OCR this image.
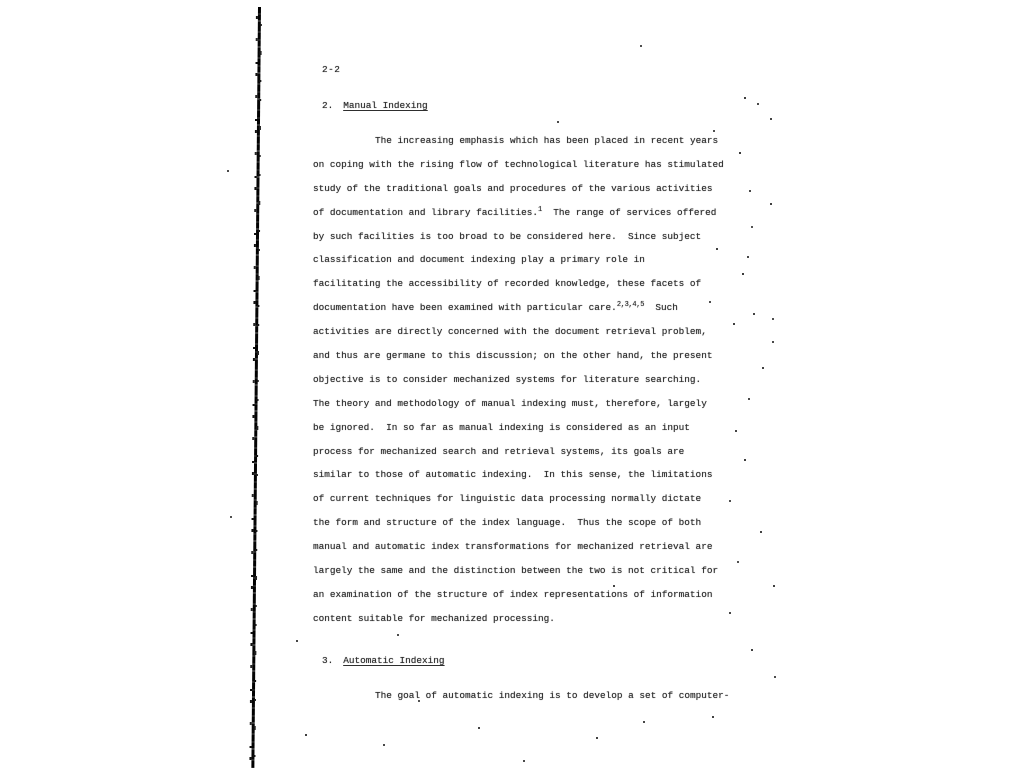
2-2
2. Manual Indexing
The increasing emphasis which has been placed in recent years
on coping with the rising flow of technological literature has stimulated
study of the traditional goals and procedures of the various activities
of documentation and library facilities.$^1$  The range of services offered
by such facilities is too broad to be considered here.  Since subject
classification and document indexing play a primary role in
facilitating the accessibility of recorded knowledge, these facets of
documentation have been examined with particular care.$^{2,3,4,5}$  Such
activities are directly concerned with the document retrieval problem,
and thus are germane to this discussion; on the other hand, the present
objective is to consider mechanized systems for literature searching.
The theory and methodology of manual indexing must, therefore, largely
be ignored.  In so far as manual indexing is considered as an input
process for mechanized search and retrieval systems, its goals are
similar to those of automatic indexing.  In this sense, the limitations
of current techniques for linguistic data processing normally dictate
the form and structure of the index language.  Thus the scope of both
manual and automatic index transformations for mechanized retrieval are
largely the same and the distinction between the two is not critical for
an examination of the structure of index representations of information
content suitable for mechanized processing.
3. Automatic Indexing
The goal of automatic indexing is to develop a set of computer-
